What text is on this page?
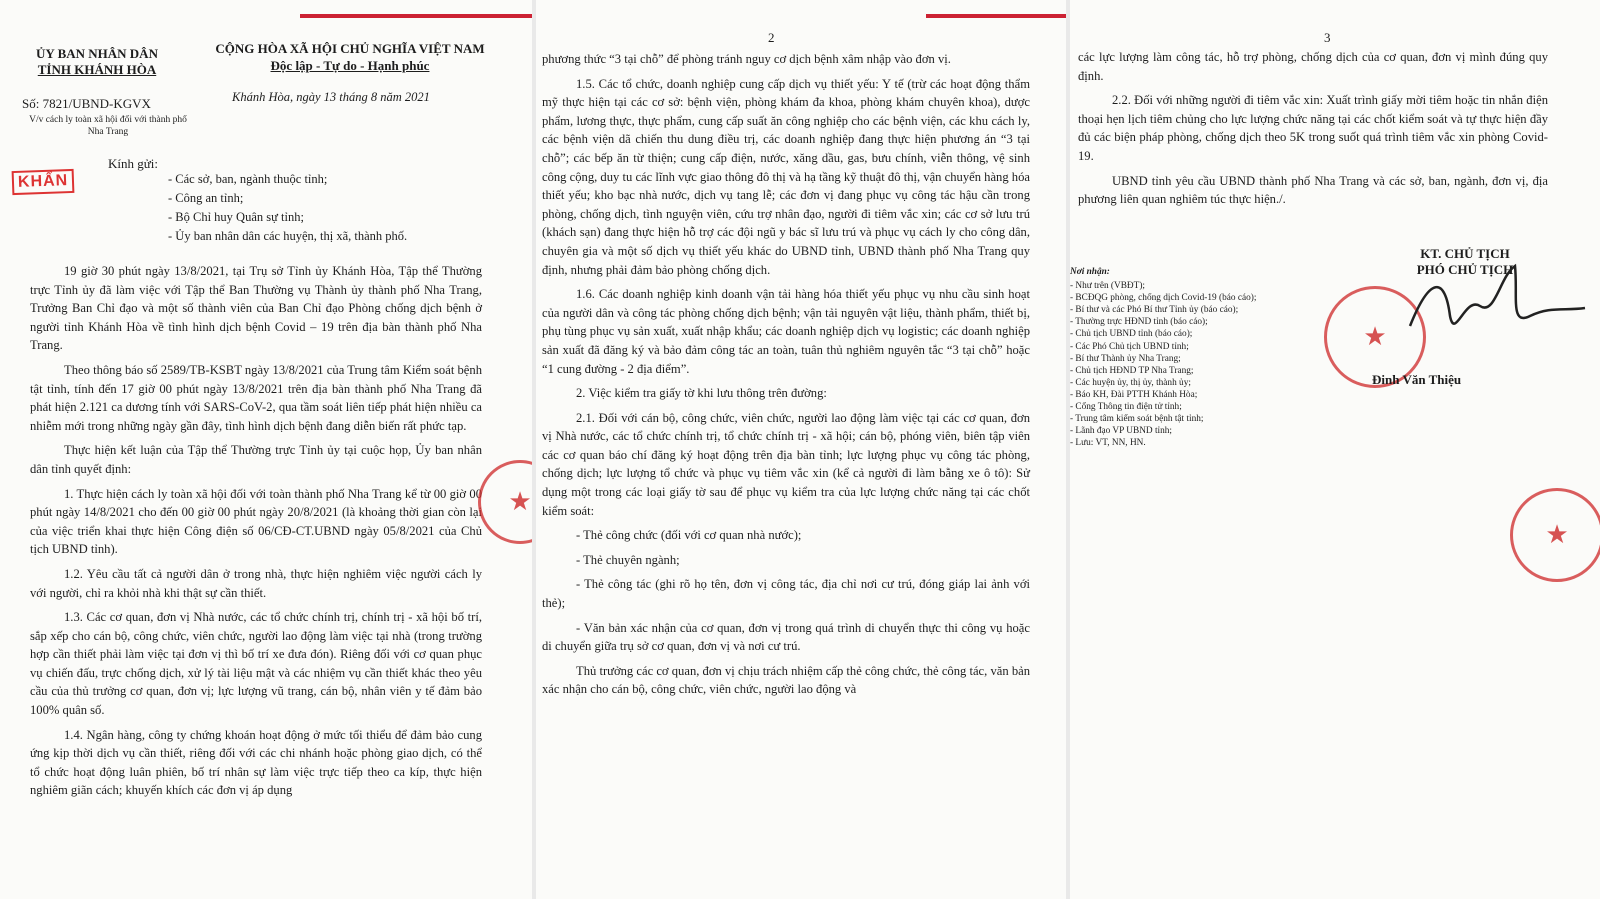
ỦY BAN NHÂN DÂN
TỈNH KHÁNH HÒA
CỘNG HÒA XÃ HỘI CHỦ NGHĨA VIỆT NAM
Độc lập - Tự do - Hạnh phúc
Số: 7821/UBND-KGVX
V/v cách ly toàn xã hội đối với thành phố Nha Trang
Khánh Hòa, ngày 13 tháng 8 năm 2021
KHẨN
Kính gửi:
- Các sở, ban, ngành thuộc tỉnh;
- Công an tỉnh;
- Bộ Chỉ huy Quân sự tỉnh;
- Ủy ban nhân dân các huyện, thị xã, thành phố.

19 giờ 30 phút ngày 13/8/2021, tại Trụ sở Tỉnh ủy Khánh Hòa, Tập thể Thường trực Tỉnh ủy đã làm việc với Tập thể Ban Thường vụ Thành ủy thành phố Nha Trang, Trưởng Ban Chỉ đạo và một số thành viên của Ban Chỉ đạo Phòng chống dịch bệnh ở người tỉnh Khánh Hòa về tình hình dịch bệnh Covid – 19 trên địa bàn thành phố Nha Trang.

Theo thông báo số 2589/TB-KSBT ngày 13/8/2021 của Trung tâm Kiểm soát bệnh tật tỉnh, tính đến 17 giờ 00 phút ngày 13/8/2021 trên địa bàn thành phố Nha Trang đã phát hiện 2.121 ca dương tính với SARS-CoV-2, qua tầm soát liên tiếp phát hiện nhiều ca nhiễm mới trong những ngày gần đây, tình hình dịch bệnh đang diễn biến rất phức tạp.

Thực hiện kết luận của Tập thể Thường trực Tỉnh ủy tại cuộc họp, Ủy ban nhân dân tỉnh quyết định:

1. Thực hiện cách ly toàn xã hội đối với toàn thành phố Nha Trang kể từ 00 giờ 00 phút ngày 14/8/2021 cho đến 00 giờ 00 phút ngày 20/8/2021 (là khoảng thời gian còn lại của việc triển khai thực hiện Công điện số 06/CĐ-CT.UBND ngày 05/8/2021 của Chủ tịch UBND tỉnh).

1.2. Yêu cầu tất cả người dân ở trong nhà, thực hiện nghiêm việc người cách ly với người, chỉ ra khỏi nhà khi thật sự cần thiết.

1.3. Các cơ quan, đơn vị Nhà nước, các tổ chức chính trị, chính trị - xã hội bố trí, sắp xếp cho cán bộ, công chức, viên chức, người lao động làm việc tại nhà (trong trường hợp cần thiết phải làm việc tại đơn vị thì bố trí xe đưa đón). Riêng đối với cơ quan phục vụ chiến đấu, trực chống dịch, xử lý tài liệu mật và các nhiệm vụ cần thiết khác theo yêu cầu của thủ trưởng cơ quan, đơn vị; lực lượng vũ trang, cán bộ, nhân viên y tế đảm bảo 100% quân số.

1.4. Ngân hàng, công ty chứng khoán hoạt động ở mức tối thiểu để đảm bảo cung ứng kịp thời dịch vụ cần thiết, riêng đối với các chi nhánh hoặc phòng giao dịch, có thể tổ chức hoạt động luân phiên, bố trí nhân sự làm việc trực tiếp theo ca kíp, thực hiện nghiêm giãn cách; khuyến khích các đơn vị áp dụng

★
2

phương thức “3 tại chỗ” để phòng tránh nguy cơ dịch bệnh xâm nhập vào đơn vị.

1.5. Các tổ chức, doanh nghiệp cung cấp dịch vụ thiết yếu: Y tế (trừ các hoạt động thẩm mỹ thực hiện tại các cơ sở: bệnh viện, phòng khám đa khoa, phòng khám chuyên khoa), dược phẩm, lương thực, thực phẩm, cung cấp suất ăn công nghiệp cho các bệnh viện, các khu cách ly, các bệnh viện dã chiến thu dung điều trị, các doanh nghiệp đang thực hiện phương án “3 tại chỗ”; các bếp ăn từ thiện; cung cấp điện, nước, xăng dầu, gas, bưu chính, viễn thông, vệ sinh công cộng, duy tu các lĩnh vực giao thông đô thị và hạ tầng kỹ thuật đô thị, vận chuyển hàng hóa thiết yếu; kho bạc nhà nước, dịch vụ tang lễ; các đơn vị đang phục vụ công tác hậu cần trong phòng, chống dịch, tình nguyện viên, cứu trợ nhân đạo, người đi tiêm vắc xin; các cơ sở lưu trú (khách sạn) đang thực hiện hỗ trợ các đội ngũ y bác sĩ lưu trú và phục vụ cách ly cho công dân, chuyên gia và một số dịch vụ thiết yếu khác do UBND tỉnh, UBND thành phố Nha Trang quy định, nhưng phải đảm bảo phòng chống dịch.

1.6. Các doanh nghiệp kinh doanh vận tải hàng hóa thiết yếu phục vụ nhu cầu sinh hoạt của người dân và công tác phòng chống dịch bệnh; vận tải nguyên vật liệu, thành phẩm, thiết bị, phụ tùng phục vụ sản xuất, xuất nhập khẩu; các doanh nghiệp dịch vụ logistic; các doanh nghiệp sản xuất đã đăng ký và bảo đảm công tác an toàn, tuân thủ nghiêm nguyên tắc “3 tại chỗ” hoặc “1 cung đường - 2 địa điểm”.

2. Việc kiểm tra giấy tờ khi lưu thông trên đường:

2.1. Đối với cán bộ, công chức, viên chức, người lao động làm việc tại các cơ quan, đơn vị Nhà nước, các tổ chức chính trị, tổ chức chính trị - xã hội; cán bộ, phóng viên, biên tập viên các cơ quan báo chí đăng ký hoạt động trên địa bàn tỉnh; lực lượng phục vụ công tác phòng, chống dịch; lực lượng tổ chức và phục vụ tiêm vắc xin (kể cả người đi làm bằng xe ô tô): Sử dụng một trong các loại giấy tờ sau để phục vụ kiểm tra của lực lượng chức năng tại các chốt kiểm soát:

- Thẻ công chức (đối với cơ quan nhà nước);

- Thẻ chuyên ngành;

- Thẻ công tác (ghi rõ họ tên, đơn vị công tác, địa chỉ nơi cư trú, đóng giáp lai ảnh với thẻ);

- Văn bản xác nhận của cơ quan, đơn vị trong quá trình di chuyển thực thi công vụ hoặc di chuyển giữa trụ sở cơ quan, đơn vị và nơi cư trú.

Thủ trưởng các cơ quan, đơn vị chịu trách nhiệm cấp thẻ công chức, thẻ công tác, văn bản xác nhận cho cán bộ, công chức, viên chức, người lao động và

3

các lực lượng làm công tác, hỗ trợ phòng, chống dịch của cơ quan, đơn vị mình đúng quy định.

2.2. Đối với những người đi tiêm vắc xin: Xuất trình giấy mời tiêm hoặc tin nhắn điện thoại hẹn lịch tiêm chủng cho lực lượng chức năng tại các chốt kiểm soát và tự thực hiện đầy đủ các biện pháp phòng, chống dịch theo 5K trong suốt quá trình tiêm vắc xin phòng Covid-19.

UBND tỉnh yêu cầu UBND thành phố Nha Trang và các sở, ban, ngành, đơn vị, địa phương liên quan nghiêm túc thực hiện./.

Nơi nhận:
- Như trên (VBĐT);
- BCĐQG phòng, chống dịch Covid-19 (báo cáo);
- Bí thư và các Phó Bí thư Tỉnh ủy (báo cáo);
- Thường trực HĐND tỉnh (báo cáo);
- Chủ tịch UBND tỉnh (báo cáo);
- Các Phó Chủ tịch UBND tỉnh;
- Bí thư Thành ủy Nha Trang;
- Chủ tịch HĐND TP Nha Trang;
- Các huyện ủy, thị ủy, thành ủy;
- Báo KH, Đài PTTH Khánh Hòa;
- Cổng Thông tin điện tử tỉnh;
- Trung tâm kiểm soát bệnh tật tỉnh;
- Lãnh đạo VP UBND tỉnh;
- Lưu: VT, NN, HN.
KT. CHỦ TỊCH
PHÓ CHỦ TỊCH
★
Đinh Văn Thiệu
★
